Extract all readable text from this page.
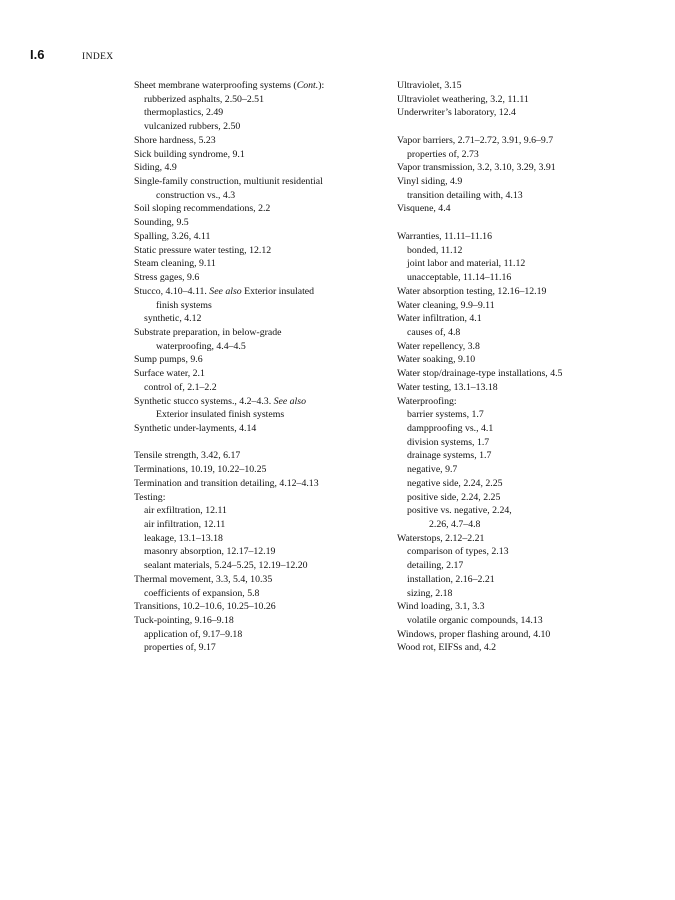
I.6	INDEX
Sheet membrane waterproofing systems (Cont.):
rubberized asphalts, 2.50–2.51
thermoplastics, 2.49
vulcanized rubbers, 2.50
Shore hardness, 5.23
Sick building syndrome, 9.1
Siding, 4.9
Single-family construction, multiunit residential
construction vs., 4.3
Soil sloping recommendations, 2.2
Sounding, 9.5
Spalling, 3.26, 4.11
Static pressure water testing, 12.12
Steam cleaning, 9.11
Stress gages, 9.6
Stucco, 4.10–4.11. See also Exterior insulated
finish systems
synthetic, 4.12
Substrate preparation, in below-grade
waterproofing, 4.4–4.5
Sump pumps, 9.6
Surface water, 2.1
control of, 2.1–2.2
Synthetic stucco systems., 4.2–4.3. See also
Exterior insulated finish systems
Synthetic under-layments, 4.14
Tensile strength, 3.42, 6.17
Terminations, 10.19, 10.22–10.25
Termination and transition detailing, 4.12–4.13
Testing:
air exfiltration, 12.11
air infiltration, 12.11
leakage, 13.1–13.18
masonry absorption, 12.17–12.19
sealant materials, 5.24–5.25, 12.19–12.20
Thermal movement, 3.3, 5.4, 10.35
coefficients of expansion, 5.8
Transitions, 10.2–10.6, 10.25–10.26
Tuck-pointing, 9.16–9.18
application of, 9.17–9.18
properties of, 9.17
Ultraviolet, 3.15
Ultraviolet weathering, 3.2, 11.11
Underwriter’s laboratory, 12.4
Vapor barriers, 2.71–2.72, 3.91, 9.6–9.7
properties of, 2.73
Vapor transmission, 3.2, 3.10, 3.29, 3.91
Vinyl siding, 4.9
transition detailing with, 4.13
Visquene, 4.4
Warranties, 11.11–11.16
bonded, 11.12
joint labor and material, 11.12
unacceptable, 11.14–11.16
Water absorption testing, 12.16–12.19
Water cleaning, 9.9–9.11
Water infiltration, 4.1
causes of, 4.8
Water repellency, 3.8
Water soaking, 9.10
Water stop/drainage-type installations, 4.5
Water testing, 13.1–13.18
Waterproofing:
barrier systems, 1.7
dampproofing vs., 4.1
division systems, 1.7
drainage systems, 1.7
negative, 9.7
negative side, 2.24, 2.25
positive side, 2.24, 2.25
positive vs. negative, 2.24,
2.26, 4.7–4.8
Waterstops, 2.12–2.21
comparison of types, 2.13
detailing, 2.17
installation, 2.16–2.21
sizing, 2.18
Wind loading, 3.1, 3.3
volatile organic compounds, 14.13
Windows, proper flashing around, 4.10
Wood rot, EIFSs and, 4.2
